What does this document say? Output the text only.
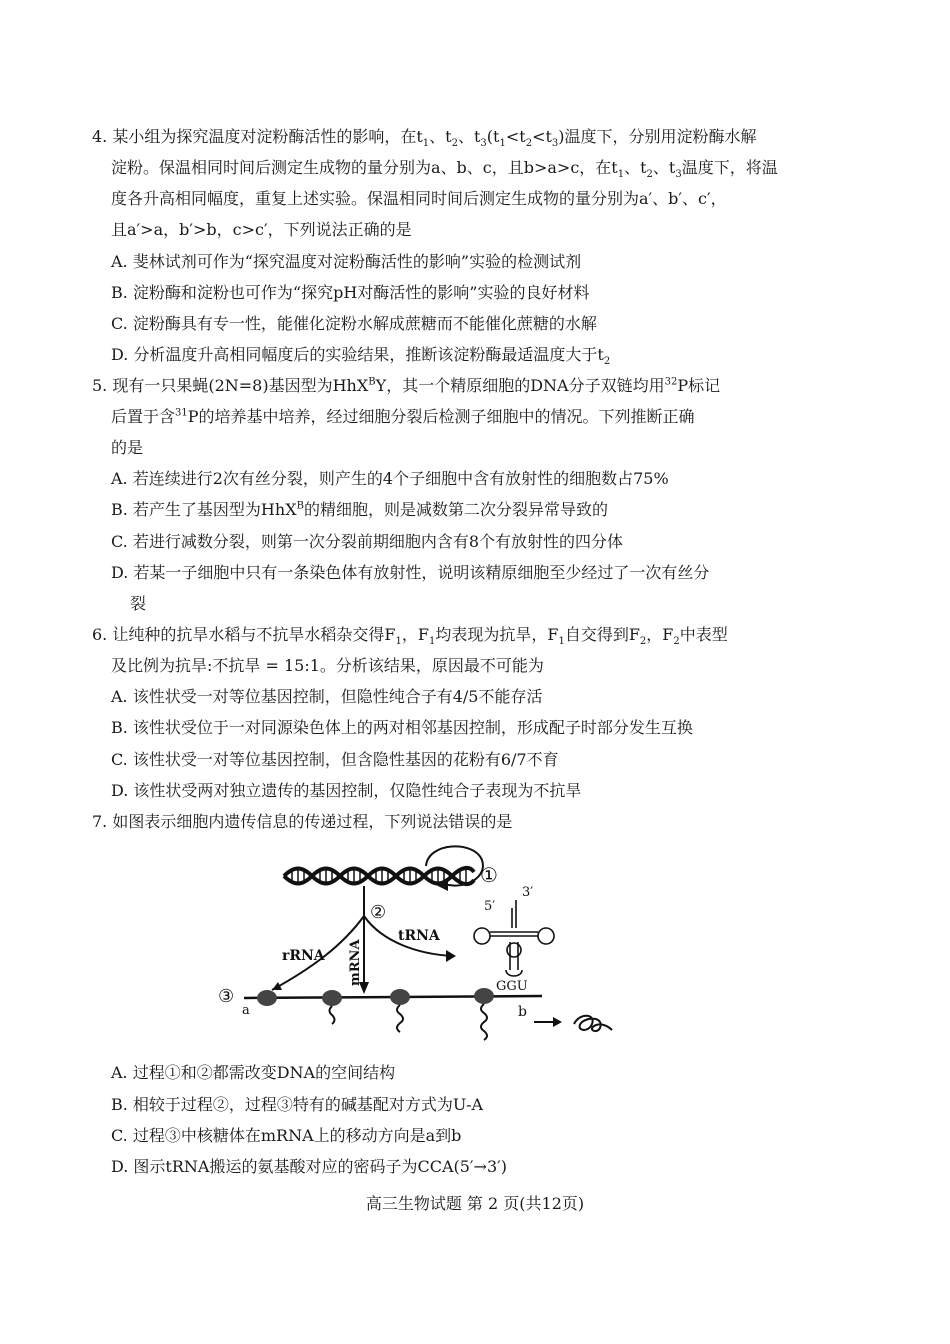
4. 某小组为探究温度对淀粉酶活性的影响，在$t_1$、$t_2$、$t_3(t_1<t_2<t_3)$温度下，分别用淀粉酶水解
淀粉。保温相同时间后测定生成物的量分别为a、b、c，且b>a>c，在$t_1$、$t_2$、$t_3$温度下，将温
度各升高相同幅度，重复上述实验。保温相同时间后测定生成物的量分别为a′、b′、c′，
且a′>a，b′>b，c>c′，下列说法正确的是
A. 斐林试剂可作为“探究温度对淀粉酶活性的影响”实验的检测试剂
B. 淀粉酶和淀粉也可作为“探究pH对酶活性的影响”实验的良好材料
C. 淀粉酶具有专一性，能催化淀粉水解成蔗糖而不能催化蔗糖的水解
D. 分析温度升高相同幅度后的实验结果，推断该淀粉酶最适温度大于$t_2$
5. 现有一只果蝇(2N=8)基因型为HhX$^B$Y，其一个精原细胞的DNA分子双链均用$^{32}$P标记
后置于含$^{31}$P的培养基中培养，经过细胞分裂后检测子细胞中的情况。下列推断正确
的是
A. 若连续进行2次有丝分裂，则产生的4个子细胞中含有放射性的细胞数占75%
B. 若产生了基因型为HhX$^B$的精细胞，则是减数第二次分裂异常导致的
C. 若进行减数分裂，则第一次分裂前期细胞内含有8个有放射性的四分体
D. 若某一子细胞中只有一条染色体有放射性，说明该精原细胞至少经过了一次有丝分
裂
6. 让纯种的抗旱水稻与不抗旱水稻杂交得$F_1$，$F_1$均表现为抗旱，$F_1$自交得到$F_2$，$F_2$中表型
及比例为抗旱:不抗旱 = 15:1。分析该结果，原因最不可能为
A. 该性状受一对等位基因控制，但隐性纯合子有4/5不能存活
B. 该性状受位于一对同源染色体上的两对相邻基因控制，形成配子时部分发生互换
C. 该性状受一对等位基因控制，但含隐性基因的花粉有6/7不育
D. 该性状受两对独立遗传的基因控制，仅隐性纯合子表现为不抗旱
7. 如图表示细胞内遗传信息的传递过程，下列说法错误的是
①
②
rRNA mRNA
tRNA
5′
3′
GGU
③
a	b
A. 过程①和②都需改变DNA的空间结构
B. 相较于过程②，过程③特有的碱基配对方式为U-A
C. 过程③中核糖体在mRNA上的移动方向是a到b
D. 图示tRNA搬运的氨基酸对应的密码子为CCA(5′→3′)
高三生物试题 第 2 页(共12页)
